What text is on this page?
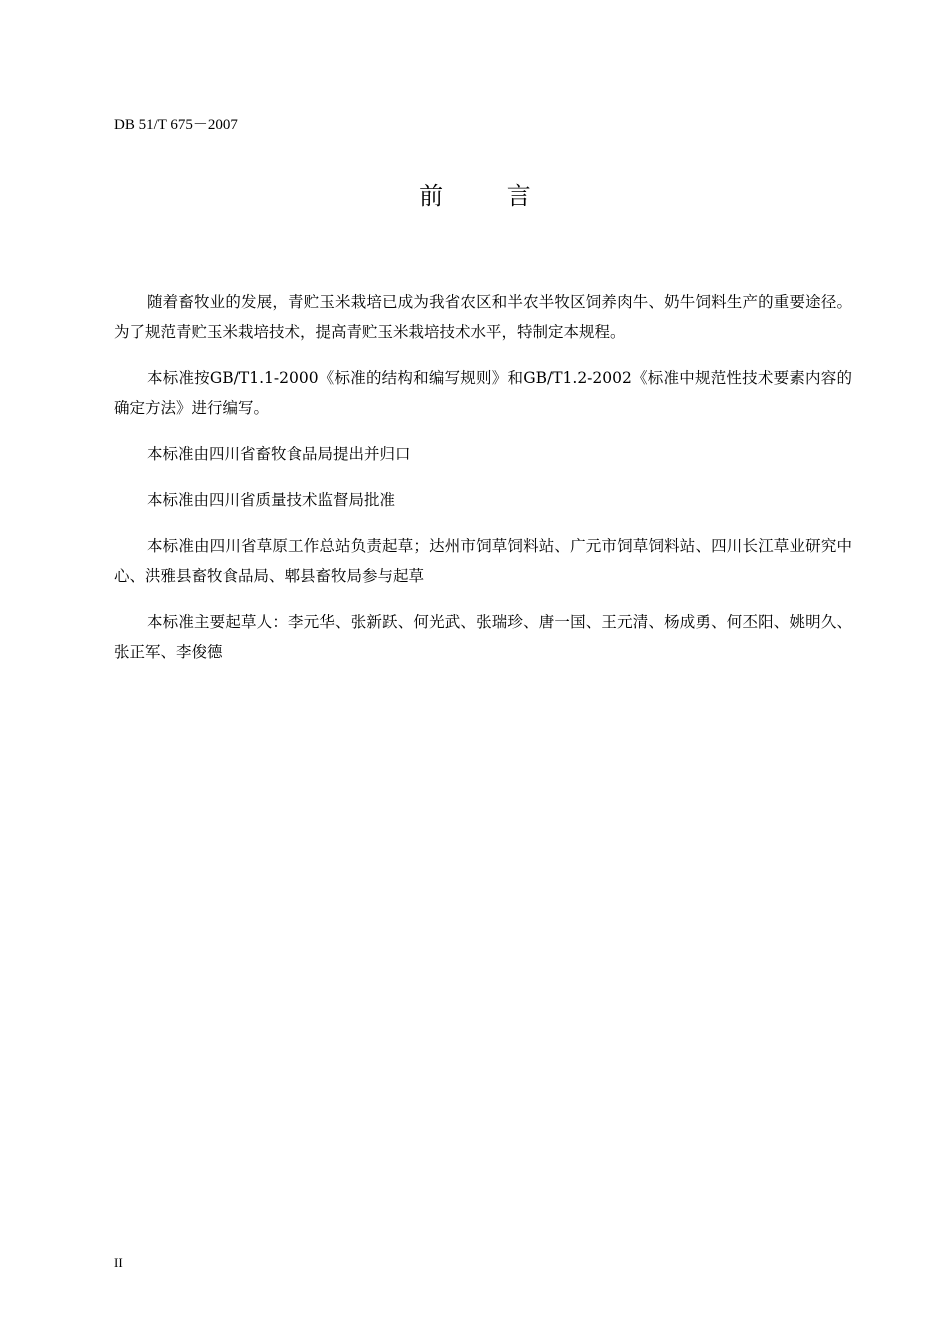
DB 51/T 675－2007
前 言

随着畜牧业的发展，青贮玉米栽培已成为我省农区和半农半牧区饲养肉牛、奶牛饲料生产的重要途径。为了规范青贮玉米栽培技术，提高青贮玉米栽培技术水平，特制定本规程。

本标准按GB/T1.1-2000《标准的结构和编写规则》和GB/T1.2-2002《标准中规范性技术要素内容的确定方法》进行编写。

本标准由四川省畜牧食品局提出并归口

本标准由四川省质量技术监督局批准

本标准由四川省草原工作总站负责起草；达州市饲草饲料站、广元市饲草饲料站、四川长江草业研究中心、洪雅县畜牧食品局、郫县畜牧局参与起草

本标准主要起草人：李元华、张新跃、何光武、张瑞珍、唐一国、王元清、杨成勇、何丕阳、姚明久、张正军、李俊德

II
